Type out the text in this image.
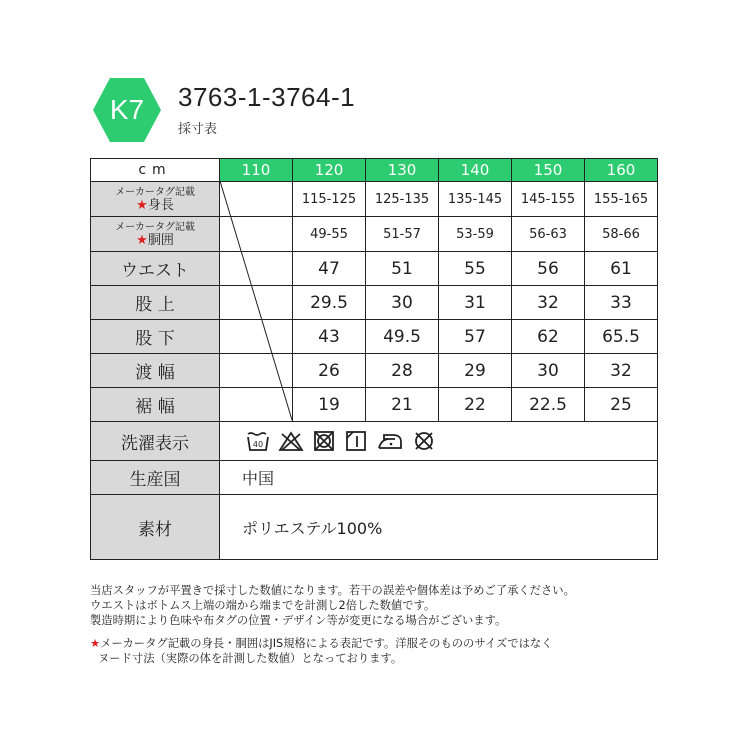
K7	3763-1-3764-1
採寸表
cm	110	120	130	140	150	160

メーカータグ記載
★身長		115-125	125-135	135-145	145-155	155-165

メーカータグ記載
★胴囲		49-55	51-57	53-59	56-63	58-66
ウエスト		47	51	55	56	61
股 上		29.5	30	31	32	33
股 下		43	49.5	57	62	65.5
渡 幅		26	28	29	30	32
裾 幅		19	21	22	22.5	25
洗濯表示	40					

生産国	中国					
素材	ポリエステル100%					
当店スタッフが平置きで採寸した数値になります。若干の誤差や個体差は予めご了承ください。
ウエストはボトムス上端の端から端までを計測し2倍した数値です。
製造時期により色味や布タグの位置・デザイン等が変更になる場合がございます。
★メーカータグ記載の身長・胴囲はJIS規格による表記です。洋服そのもののサイズではなく
ヌード寸法（実際の体を計測した数値）となっております。
